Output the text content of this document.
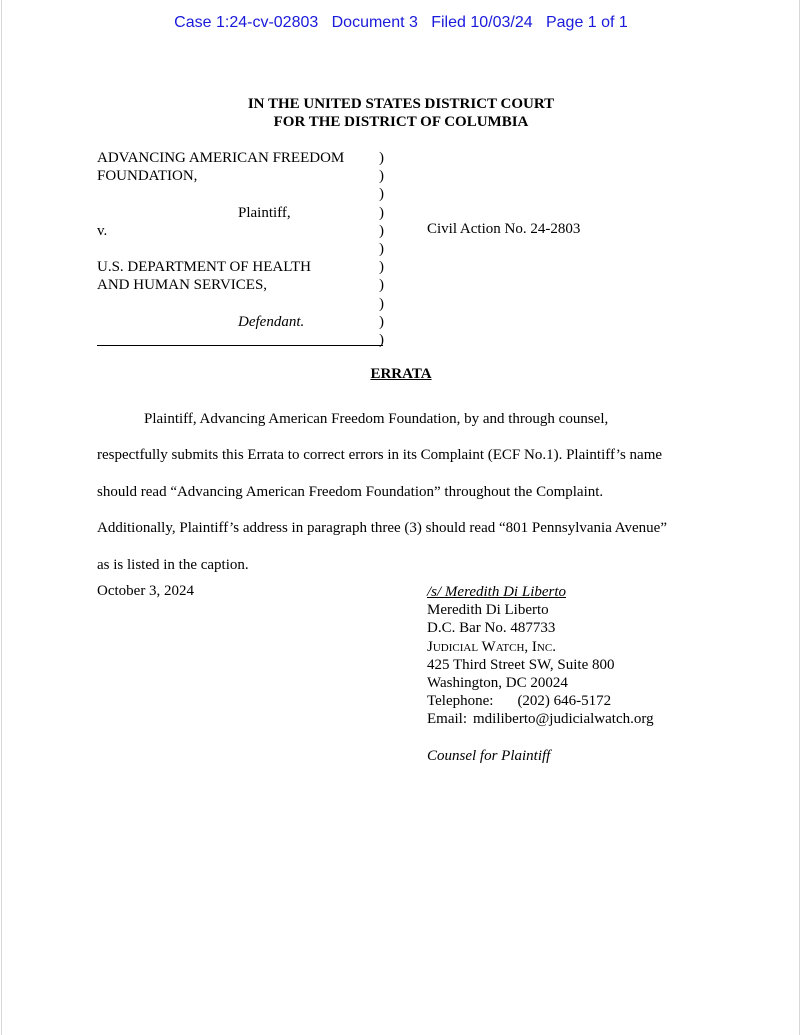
Case 1:24-cv-02803 Document 3 Filed 10/03/24 Page 1 of 1
IN THE UNITED STATES DISTRICT COURT
FOR THE DISTRICT OF COLUMBIA
ADVANCING AMERICAN FREEDOM
FOUNDATION,
Plaintiff,
v.
U.S. DEPARTMENT OF HEALTH
AND HUMAN SERVICES,
Defendant.
)
)
)
)
)
)
)
)
)
)
)
Civil Action No. 24-2803
ERRATA
Plaintiff, Advancing American Freedom Foundation, by and through counsel,
respectfully submits this Errata to correct errors in its Complaint (ECF No.1). Plaintiff’s name
should read “Advancing American Freedom Foundation” throughout the Complaint.
Additionally, Plaintiff’s address in paragraph three (3) should read “801 Pennsylvania Avenue”
as is listed in the caption.
October 3, 2024	/s/ Meredith Di Liberto
Meredith Di Liberto
D.C. Bar No. 487733
Judicial Watch, Inc.
425 Third Street SW, Suite 800
Washington, DC 20024
Telephone: (202) 646-5172
Email: mdiliberto@judicialwatch.org
Counsel for Plaintiff
